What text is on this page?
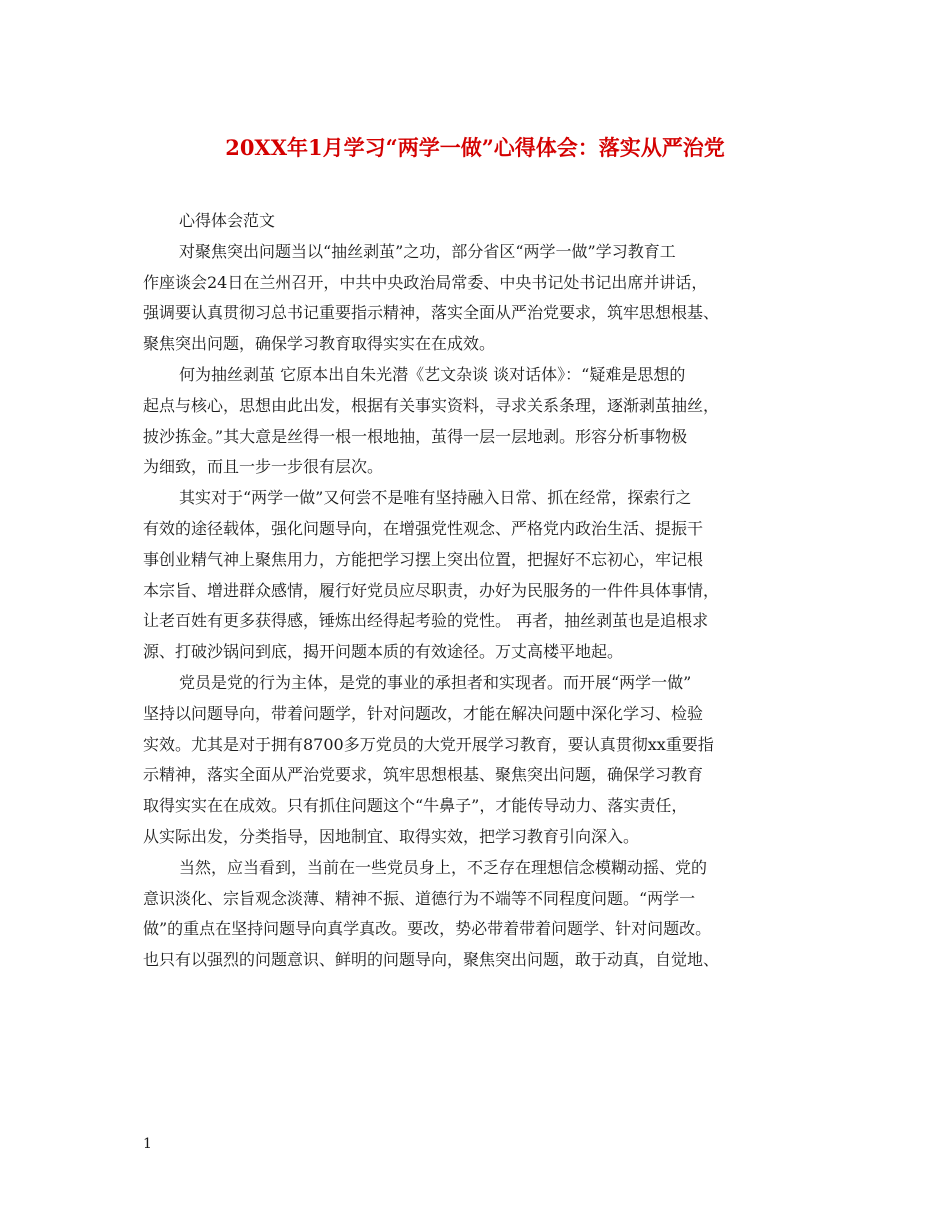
20XX年1月学习“两学一做”心得体会：落实从严治党

心得体会范文

对聚焦突出问题当以“抽丝剥茧”之功，部分省区“两学一做”学习教育工
作座谈会24日在兰州召开，中共中央政治局常委、中央书记处书记出席并讲话，
强调要认真贯彻习总书记重要指示精神，落实全面从严治党要求，筑牢思想根基、
聚焦突出问题，确保学习教育取得实实在在成效。

何为抽丝剥茧 它原本出自朱光潜《艺文杂谈 谈对话体》：“疑难是思想的
起点与核心，思想由此出发，根据有关事实资料，寻求关系条理，逐渐剥茧抽丝，
披沙拣金。”其大意是丝得一根一根地抽，茧得一层一层地剥。形容分析事物极
为细致，而且一步一步很有层次。

其实对于“两学一做”又何尝不是唯有坚持融入日常、抓在经常，探索行之
有效的途径载体，强化问题导向，在增强党性观念、严格党内政治生活、提振干
事创业精气神上聚焦用力，方能把学习摆上突出位置，把握好不忘初心，牢记根
本宗旨、增进群众感情，履行好党员应尽职责，办好为民服务的一件件具体事情，
让老百姓有更多获得感，锤炼出经得起考验的党性。 再者，抽丝剥茧也是追根求
源、打破沙锅问到底，揭开问题本质的有效途径。万丈高楼平地起。

党员是党的行为主体，是党的事业的承担者和实现者。而开展“两学一做”
坚持以问题导向，带着问题学，针对问题改，才能在解决问题中深化学习、检验
实效。尤其是对于拥有8700多万党员的大党开展学习教育，要认真贯彻xx重要指
示精神，落实全面从严治党要求，筑牢思想根基、聚焦突出问题，确保学习教育
取得实实在在成效。只有抓住问题这个“牛鼻子”，才能传导动力、落实责任，
从实际出发，分类指导，因地制宜、取得实效，把学习教育引向深入。

当然，应当看到，当前在一些党员身上，不乏存在理想信念模糊动摇、党的
意识淡化、宗旨观念淡薄、精神不振、道德行为不端等不同程度问题。“两学一
做”的重点在坚持问题导向真学真改。要改，势必带着带着问题学、针对问题改。
也只有以强烈的问题意识、鲜明的问题导向，聚焦突出问题，敢于动真，自觉地、

1
